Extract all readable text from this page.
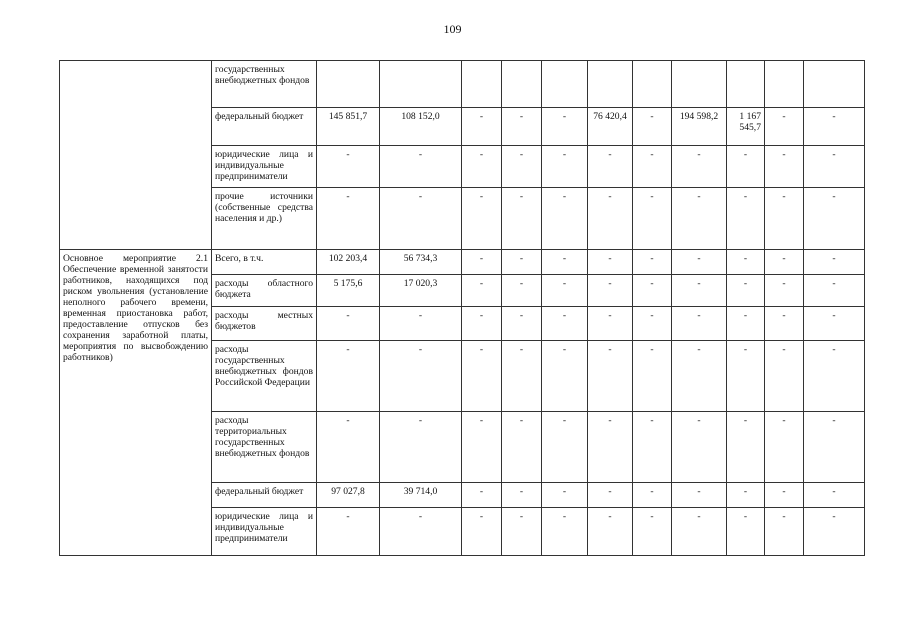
109
	государственных внебюджетных фондов											
	федеральный бюджет	145 851,7	108 152,0	-	-	-	76 420,4	-	194 598,2	1 167 545,7	-	-
	юридические лица и индивидуальные предприниматели	-	-	-	-	-	-	-	-	-	-	-
	прочие источники (собственные средства населения и др.)	-	-	-	-	-	-	-	-	-	-	-
Основное мероприятие 2.1 Обеспечение временной занятости работников, находящихся под риском увольнения (установление неполного рабочего времени, временная приостановка работ, предоставление отпусков без сохранения заработной платы, мероприятия по высвобождению работников)	Всего, в т.ч.	102 203,4	56 734,3	-	-	-	-	-	-	-	-	-
	расходы областного бюджета	5 175,6	17 020,3	-	-	-	-	-	-	-	-	-
	расходы местных бюджетов	-	-	-	-	-	-	-	-	-	-	-
	расходы государственных внебюджетных фондов Российской Федерации	-	-	-	-	-	-	-	-	-	-	-
	расходы территориальных государственных внебюджетных фондов	-	-	-	-	-	-	-	-	-	-	-
	федеральный бюджет	97 027,8	39 714,0	-	-	-	-	-	-	-	-	-
	юридические лица и индивидуальные предприниматели	-	-	-	-	-	-	-	-	-	-	-
